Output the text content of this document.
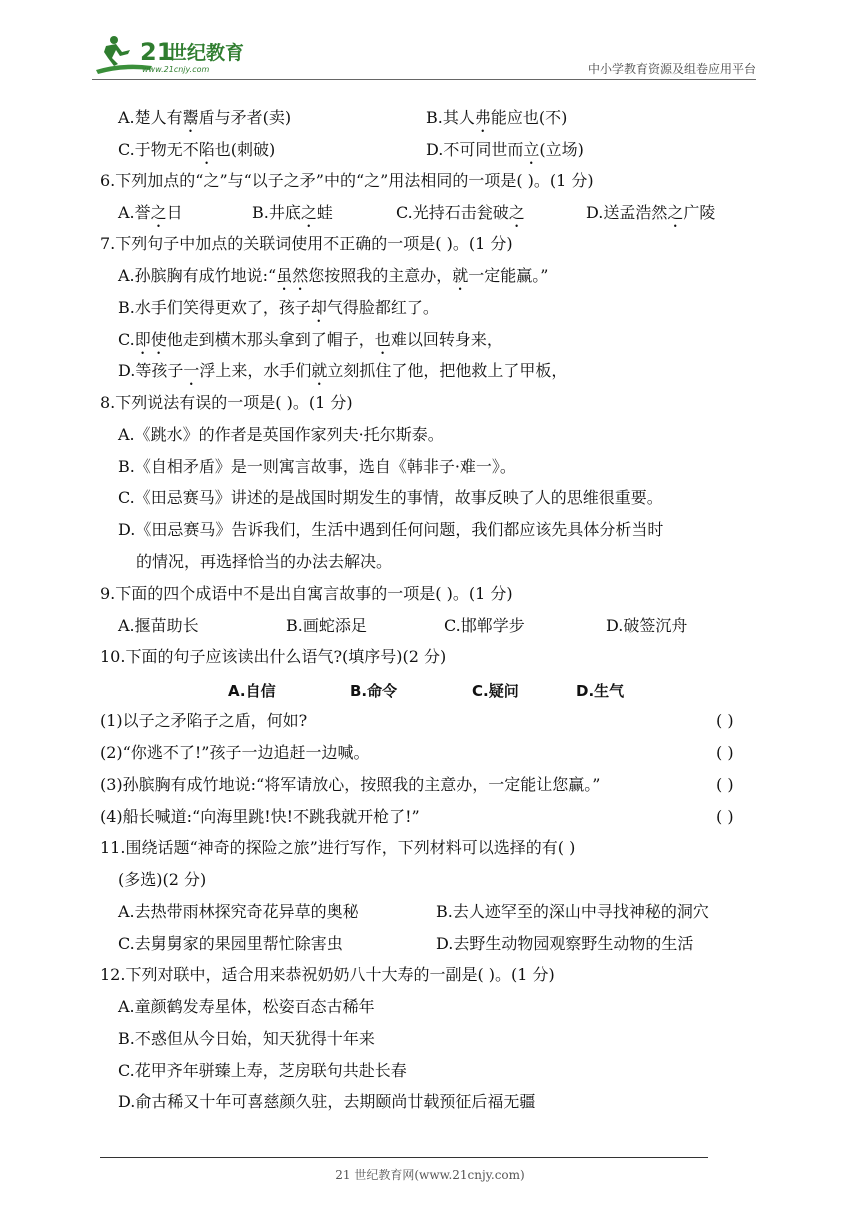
21
世纪教育
www.21cnjy.com	中小学教育资源及组卷应用平台
A.楚人有鬻盾与矛者(卖)	B.其人弗能应也(不)
C.于物无不陷也(刺破)	D.不可同世而立(立场)
6.下列加点的“之”与“以子之矛”中的“之”用法相同的一项是( )。(1 分)
A.誉之日	B.井底之蛙	C.光持石击瓮破之	D.送孟浩然之广陵
7.下列句子中加点的关联词使用不正确的一项是( )。(1 分)
A.孙膑胸有成竹地说:“虽然您按照我的主意办，就一定能赢。”
B.水手们笑得更欢了，孩子却气得脸都红了。
C.即使他走到横木那头拿到了帽子，也难以回转身来，
D.等孩子一浮上来，水手们就立刻抓住了他，把他救上了甲板，
8.下列说法有误的一项是( )。(1 分)
A.《跳水》的作者是英国作家列夫·托尔斯泰。
B.《自相矛盾》是一则寓言故事，选自《韩非子·难一》。
C.《田忌赛马》讲述的是战国时期发生的事情，故事反映了人的思维很重要。
D.《田忌赛马》告诉我们，生活中遇到任何问题，我们都应该先具体分析当时
的情况，再选择恰当的办法去解决。
9.下面的四个成语中不是出自寓言故事的一项是( )。(1 分)
A.揠苗助长	B.画蛇添足	C.邯郸学步	D.破签沉舟
10.下面的句子应该读出什么语气?(填序号)(2 分)
A.自信	B.命令	C.疑问	D.生气
(1)以子之矛陷子之盾，何如?	( )
(2)“你逃不了!”孩子一边追赶一边喊。	( )
(3)孙膑胸有成竹地说:“将军请放心，按照我的主意办，一定能让您赢。”	( )
(4)船长喊道:“向海里跳!快!不跳我就开枪了!”	( )
11.围绕话题“神奇的探险之旅”进行写作，下列材料可以选择的有( )
(多选)(2 分)
A.去热带雨林探究奇花异草的奥秘	B.去人迹罕至的深山中寻找神秘的洞穴
C.去舅舅家的果园里帮忙除害虫	D.去野生动物园观察野生动物的生活
12.下列对联中，适合用来恭祝奶奶八十大寿的一副是( )。(1 分)
A.童颜鹤发寿星体，松姿百态古稀年
B.不惑但从今日始，知天犹得十年来
C.花甲齐年骈臻上寿，芝房联句共赴长春
D.俞古稀又十年可喜慈颜久驻，去期颐尚廿载预征后福无疆
21 世纪教育网(www.21cnjy.com)
